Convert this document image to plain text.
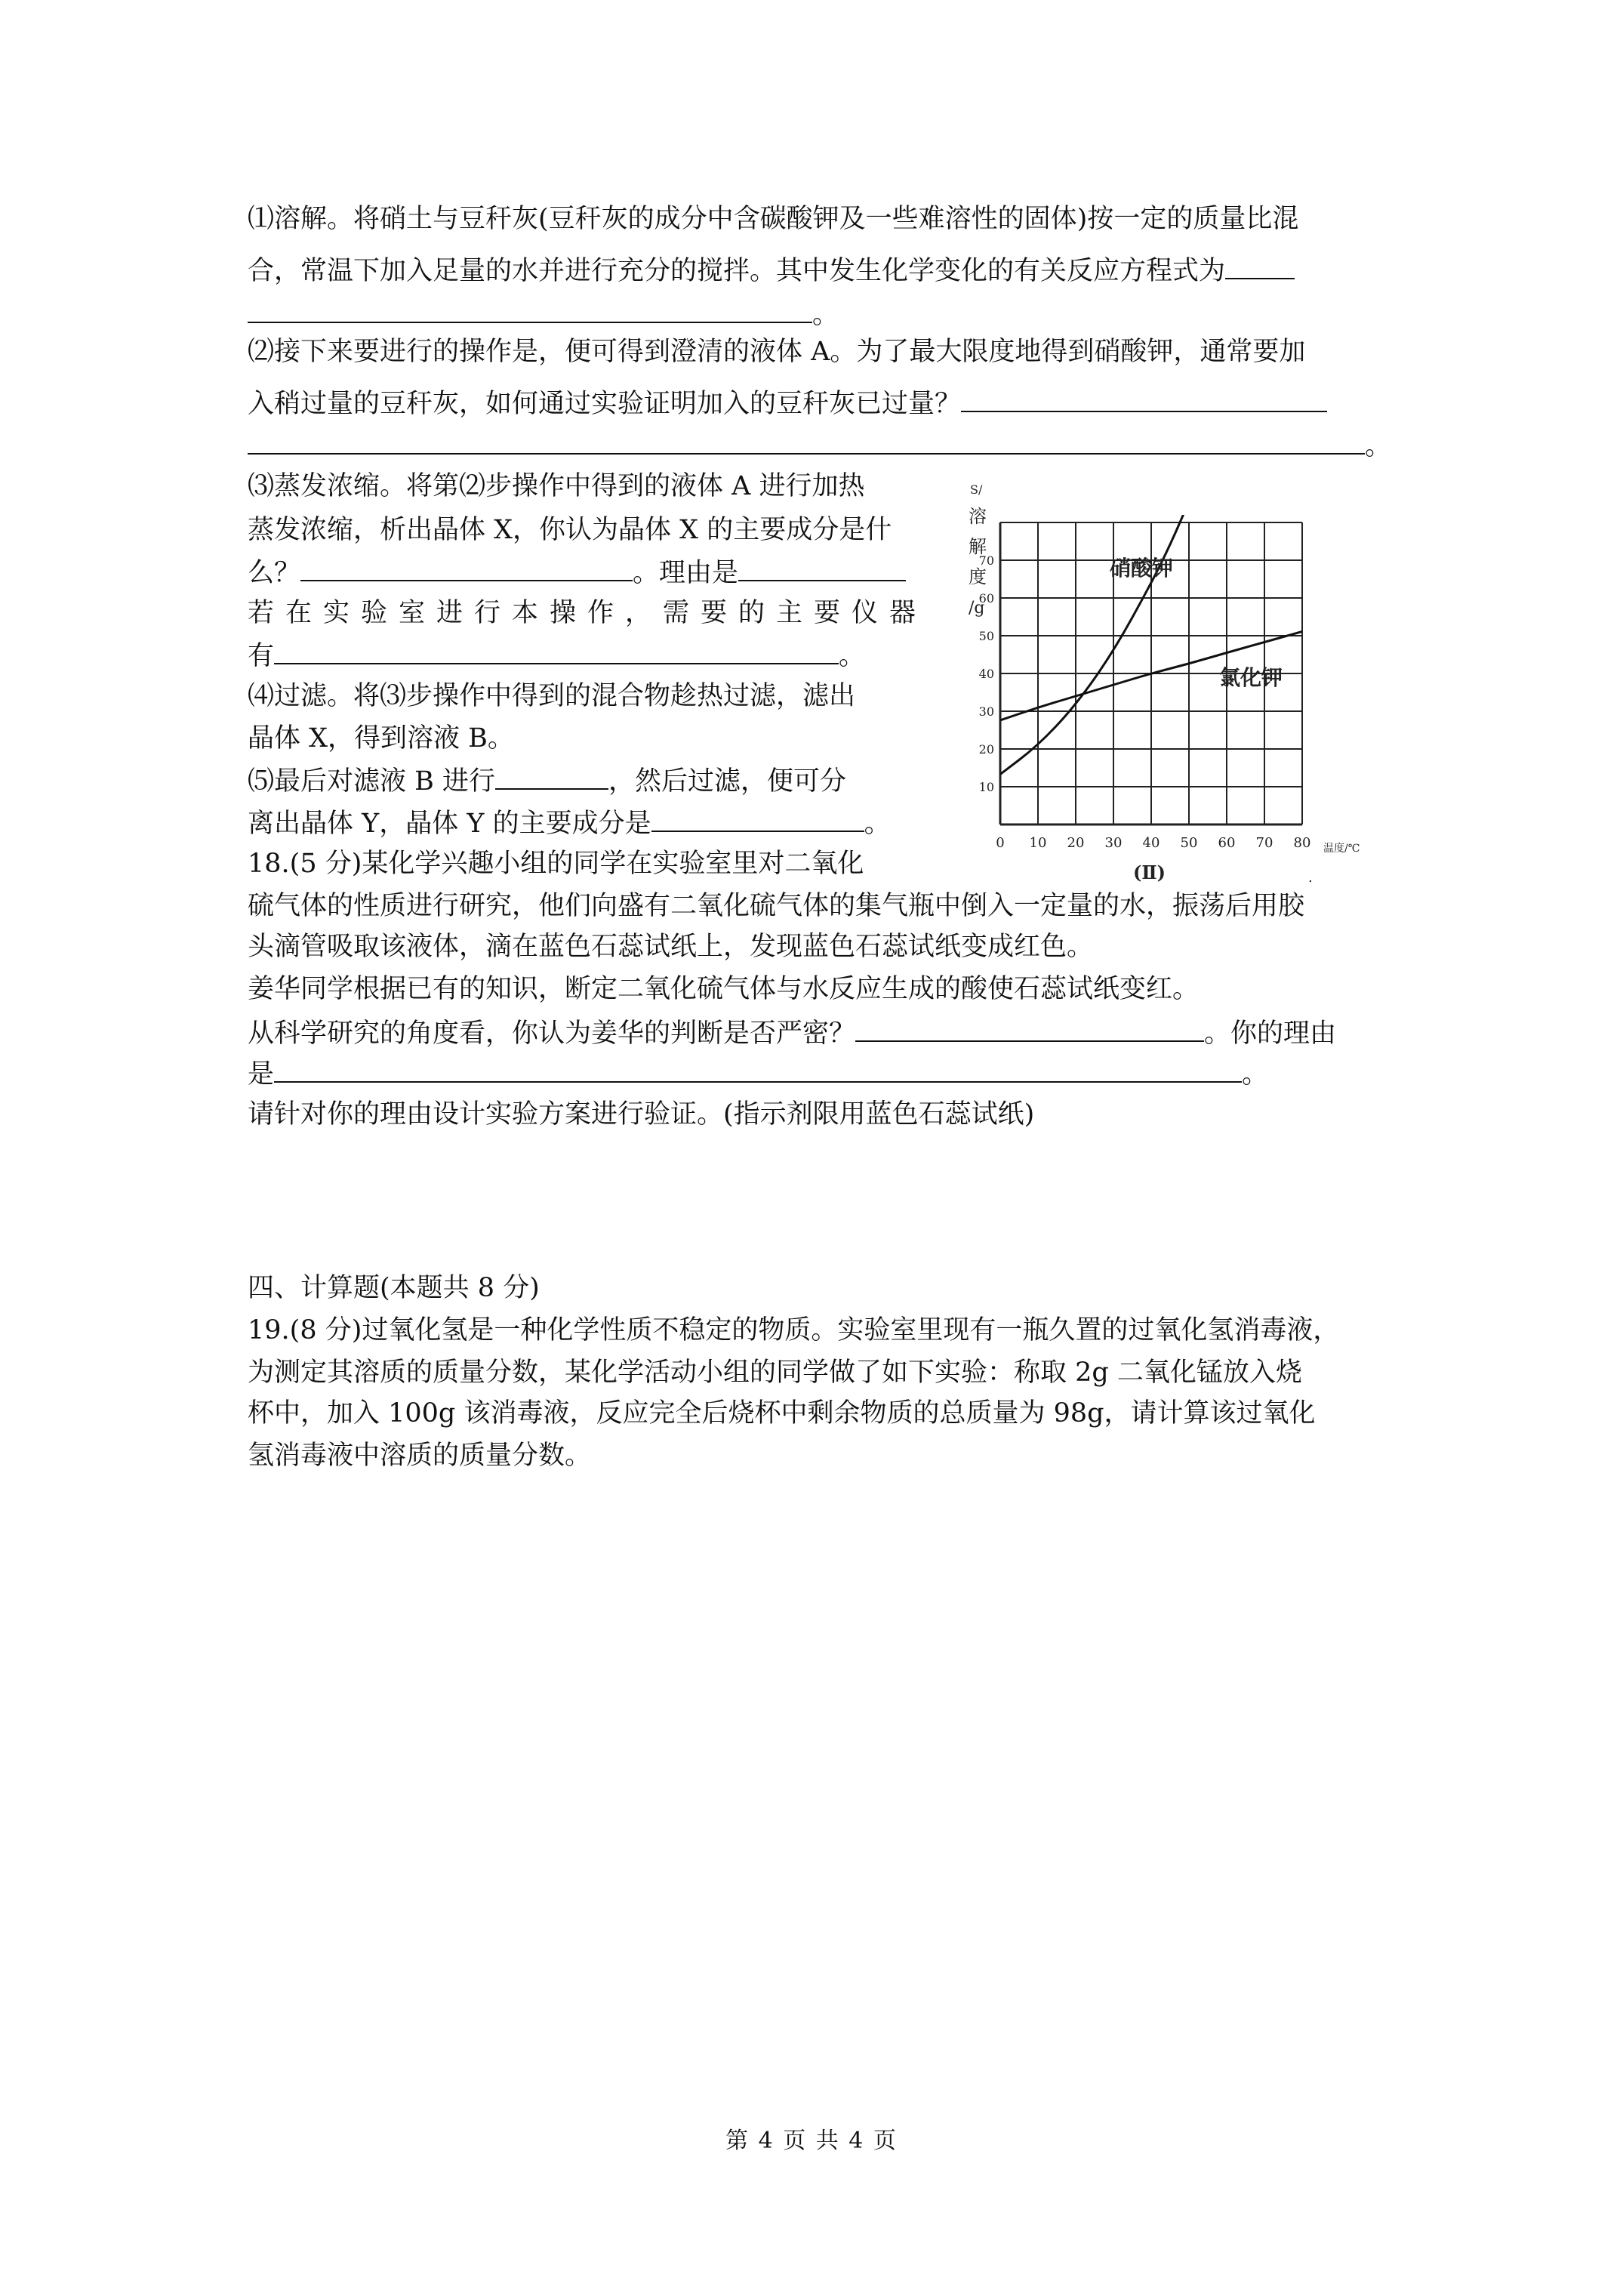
⑴溶解。将硝土与豆秆灰(豆秆灰的成分中含碳酸钾及一些难溶性的固体)按一定的质量比混
合，常温下加入足量的水并进行充分的搅拌。其中发生化学变化的有关反应方程式为
。
⑵接下来要进行的操作是，便可得到澄清的液体 A。为了最大限度地得到硝酸钾，通常要加
入稍过量的豆秆灰，如何通过实验证明加入的豆秆灰已过量？
。
⑶蒸发浓缩。将第⑵步操作中得到的液体 A 进行加热
蒸发浓缩，析出晶体 X，你认为晶体 X 的主要成分是什
么？	。理由是
若在实验室进行本操作，需要的主要仪器
有	。
⑷过滤。将⑶步操作中得到的混合物趁热过滤，滤出
晶体 X，得到溶液 B。
⑸最后对滤液 B 进行	，然后过滤，便可分
离出晶体 Y，晶体 Y 的主要成分是	。
18.(5 分)某化学兴趣小组的同学在实验室里对二氧化
硫气体的性质进行研究，他们向盛有二氧化硫气体的集气瓶中倒入一定量的水，振荡后用胶
头滴管吸取该液体，滴在蓝色石蕊试纸上，发现蓝色石蕊试纸变成红色。
姜华同学根据已有的知识，断定二氧化硫气体与水反应生成的酸使石蕊试纸变红。
从科学研究的角度看，你认为姜华的判断是否严密？	。你的理由
是	。
请针对你的理由设计实验方案进行验证。(指示剂限用蓝色石蕊试纸)
四、计算题(本题共 8 分)
19.(8 分)过氧化氢是一种化学性质不稳定的物质。实验室里现有一瓶久置的过氧化氢消毒液，
为测定其溶质的质量分数，某化学活动小组的同学做了如下实验：称取 2g 二氧化锰放入烧
杯中，加入 100g 该消毒液，反应完全后烧杯中剩余物质的总质量为 98g，请计算该过氧化
氢消毒液中溶质的质量分数。
S/
溶
解
度
/g
温度/℃
(Ⅱ)	.
0 10 20 30 40 50 60 70 80
10
20
30
40
50
60
70	硝酸钾
氯化钾
第 4 页 共 4 页
